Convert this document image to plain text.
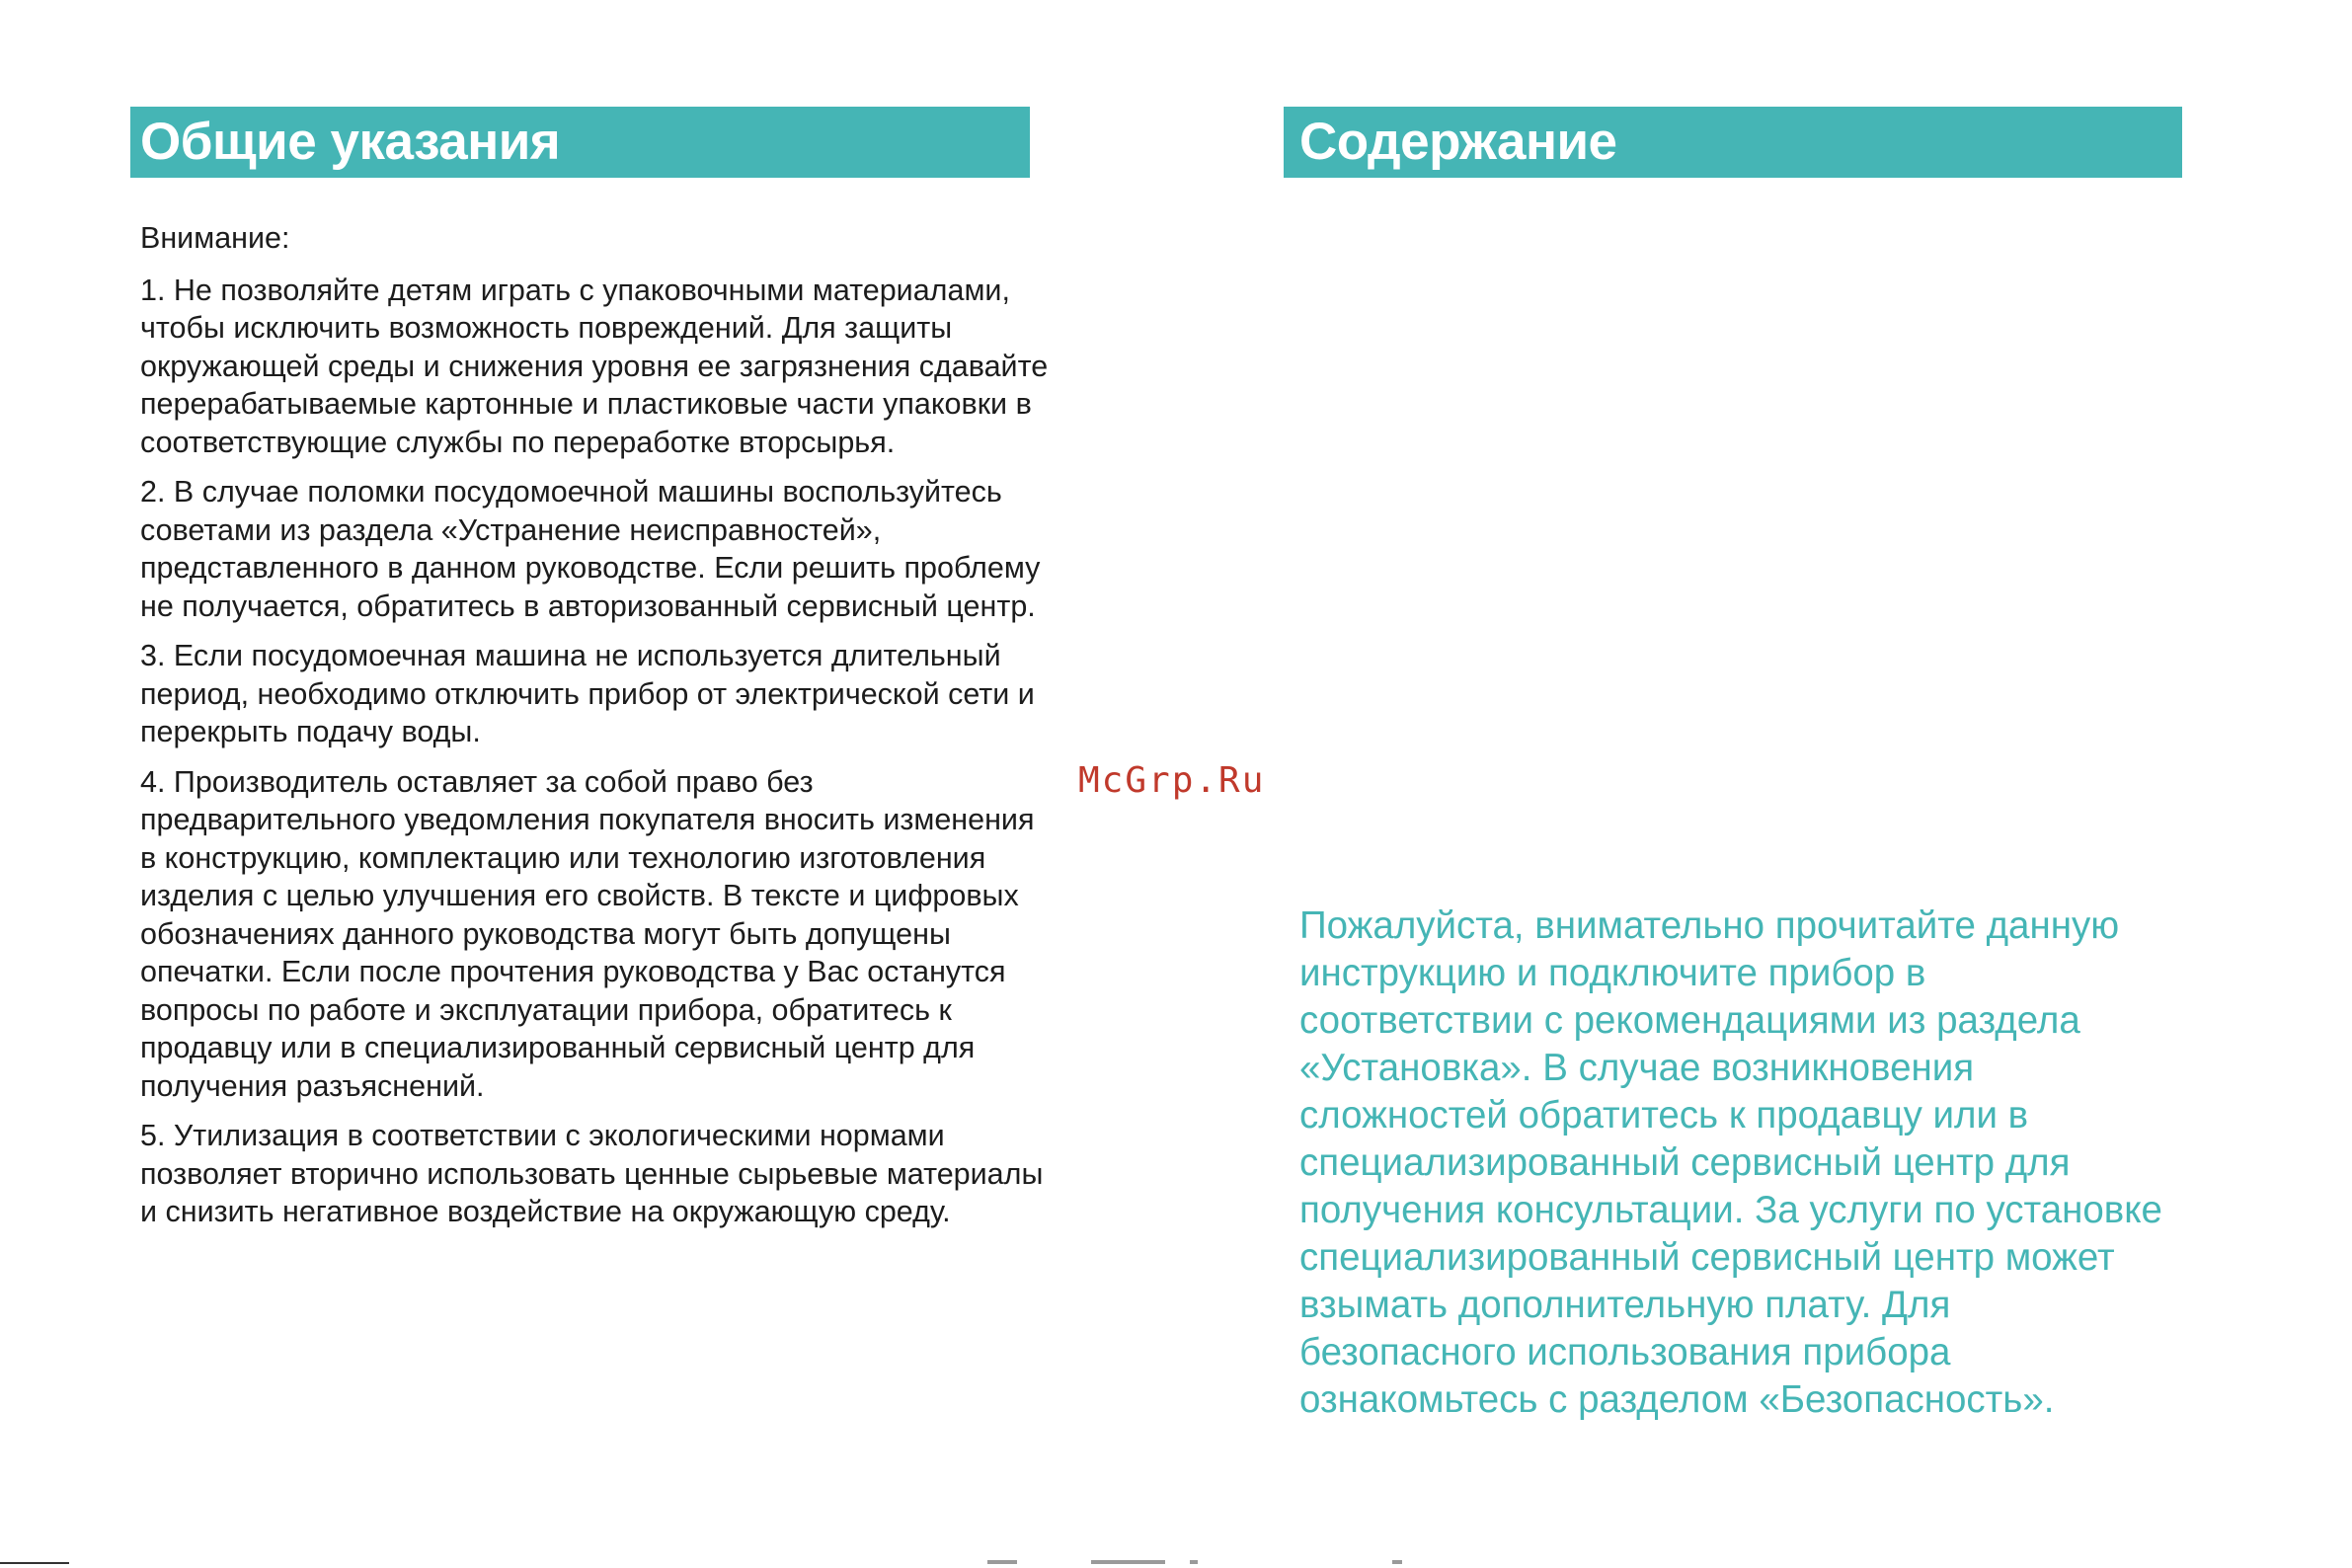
Общие указания	Содержание

Внимание:

1. Не позволяйте детям играть с упаковочными материалами, чтобы исключить возможность повреждений. Для защиты окружающей среды и снижения уровня ее загрязнения сдавайте перерабатываемые картонные и пластиковые части упаковки в соответствующие службы по переработке вторсырья.

2. В случае поломки посудомоечной машины воспользуйтесь советами из раздела «Устранение неисправностей», представленного в данном руководстве. Если решить проблему не получается, обратитесь в авторизованный сервисный центр.

3. Если посудомоечная машина не используется длительный период, необходимо отключить прибор от электрической сети и перекрыть подачу воды.

4. Производитель оставляет за собой право без предварительного уведомления покупателя вносить изменения в конструкцию, комплектацию или технологию изготовления изделия с целью улучшения его свойств. В тексте и цифровых обозначениях данного руководства могут быть допущены опечатки. Если после прочтения руководства у Вас останутся вопросы по работе и эксплуатации прибора, обратитесь к продавцу или в специализированный сервисный центр для получения разъяснений.

5. Утилизация в соответствии с экологическими нормами позволяет вторично использовать ценные сырьевые материалы и снизить негативное воздействие на окружающую среду.

McGrp.Ru
Пожалуйста, внимательно прочитайте данную инструкцию и подключите прибор в соответствии с рекомендациями из раздела «Установка». В случае возникновения сложностей обратитесь к продавцу или в специализированный сервисный центр для получения консультации. За услуги по установке специализированный сервисный центр может взымать дополнительную плату. Для безопасного использования прибора ознакомьтесь с разделом «Безопасность».
